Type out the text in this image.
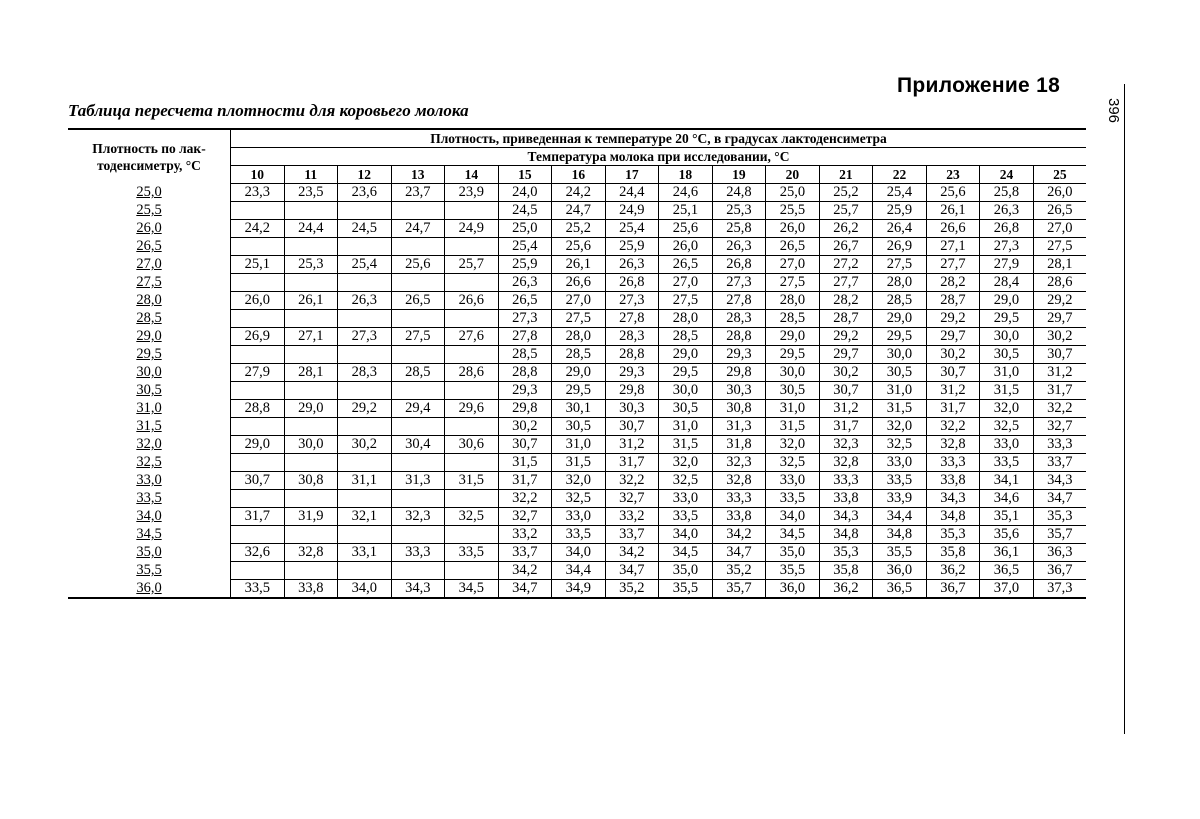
Приложение 18
396
Таблица пересчета плотности для коровьего молока
Плотность по лак-тоденсиметру, °С	Плотность, приведенная к температуре 20 °С, в градусах лактоденсиметра															
	Температура молока при исследовании, °С															
	10	11	12	13	14	15	16	17	18	19	20	21	22	23	24	25
25,0	23,3	23,5	23,6	23,7	23,9	24,0	24,2	24,4	24,6	24,8	25,0	25,2	25,4	25,6	25,8	26,0
25,5						24,5	24,7	24,9	25,1	25,3	25,5	25,7	25,9	26,1	26,3	26,5
26,0	24,2	24,4	24,5	24,7	24,9	25,0	25,2	25,4	25,6	25,8	26,0	26,2	26,4	26,6	26,8	27,0
26,5						25,4	25,6	25,9	26,0	26,3	26,5	26,7	26,9	27,1	27,3	27,5
27,0	25,1	25,3	25,4	25,6	25,7	25,9	26,1	26,3	26,5	26,8	27,0	27,2	27,5	27,7	27,9	28,1
27,5						26,3	26,6	26,8	27,0	27,3	27,5	27,7	28,0	28,2	28,4	28,6
28,0	26,0	26,1	26,3	26,5	26,6	26,5	27,0	27,3	27,5	27,8	28,0	28,2	28,5	28,7	29,0	29,2
28,5						27,3	27,5	27,8	28,0	28,3	28,5	28,7	29,0	29,2	29,5	29,7
29,0	26,9	27,1	27,3	27,5	27,6	27,8	28,0	28,3	28,5	28,8	29,0	29,2	29,5	29,7	30,0	30,2
29,5						28,5	28,5	28,8	29,0	29,3	29,5	29,7	30,0	30,2	30,5	30,7
30,0	27,9	28,1	28,3	28,5	28,6	28,8	29,0	29,3	29,5	29,8	30,0	30,2	30,5	30,7	31,0	31,2
30,5						29,3	29,5	29,8	30,0	30,3	30,5	30,7	31,0	31,2	31,5	31,7
31,0	28,8	29,0	29,2	29,4	29,6	29,8	30,1	30,3	30,5	30,8	31,0	31,2	31,5	31,7	32,0	32,2
31,5						30,2	30,5	30,7	31,0	31,3	31,5	31,7	32,0	32,2	32,5	32,7
32,0	29,0	30,0	30,2	30,4	30,6	30,7	31,0	31,2	31,5	31,8	32,0	32,3	32,5	32,8	33,0	33,3
32,5						31,5	31,5	31,7	32,0	32,3	32,5	32,8	33,0	33,3	33,5	33,7
33,0	30,7	30,8	31,1	31,3	31,5	31,7	32,0	32,2	32,5	32,8	33,0	33,3	33,5	33,8	34,1	34,3
33,5						32,2	32,5	32,7	33,0	33,3	33,5	33,8	33,9	34,3	34,6	34,7
34,0	31,7	31,9	32,1	32,3	32,5	32,7	33,0	33,2	33,5	33,8	34,0	34,3	34,4	34,8	35,1	35,3
34,5						33,2	33,5	33,7	34,0	34,2	34,5	34,8	34,8	35,3	35,6	35,7
35,0	32,6	32,8	33,1	33,3	33,5	33,7	34,0	34,2	34,5	34,7	35,0	35,3	35,5	35,8	36,1	36,3
35,5						34,2	34,4	34,7	35,0	35,2	35,5	35,8	36,0	36,2	36,5	36,7
36,0	33,5	33,8	34,0	34,3	34,5	34,7	34,9	35,2	35,5	35,7	36,0	36,2	36,5	36,7	37,0	37,3
